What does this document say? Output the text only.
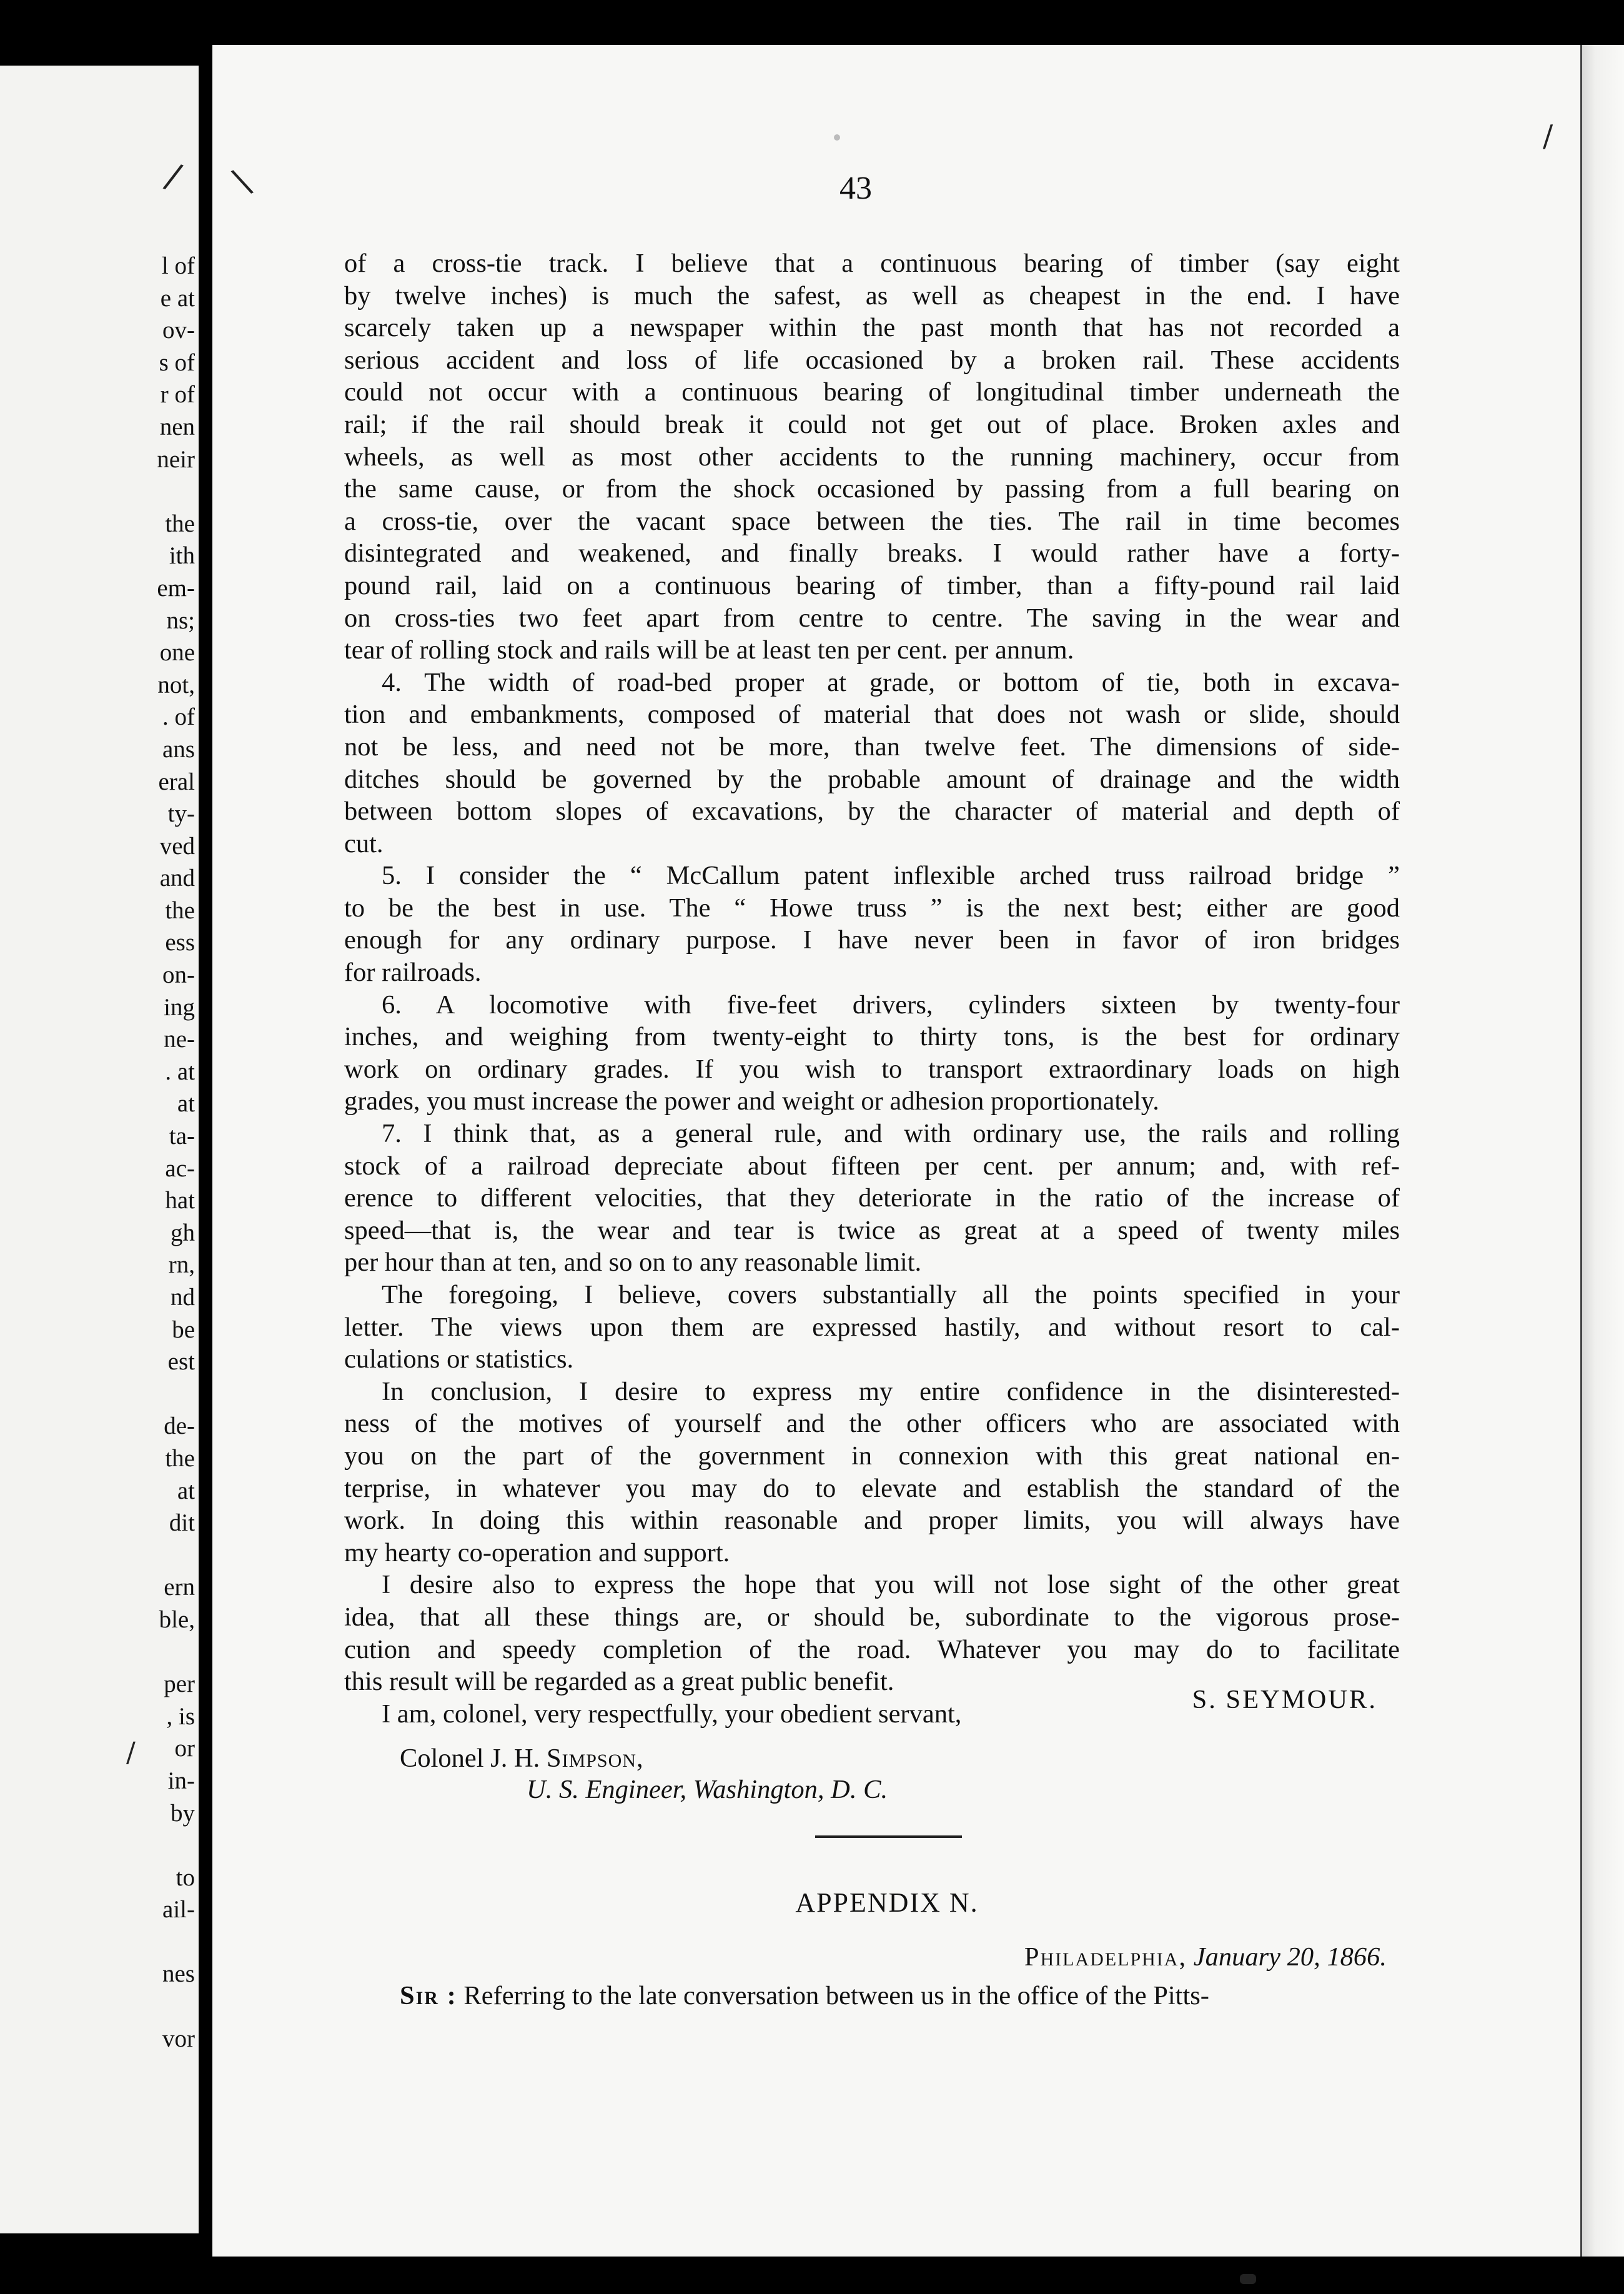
l of
e at
ov-
s of
r of
nen
neir
the
ith
em-
ns;
one
not,
. of
ans
eral
ty-
ved
and
the
ess
on-
ing
ne-
. at
at
ta-
ac-
hat
gh
rn,
nd
be
est
de-
the
at
dit
ern
ble,
per
, is
or
in-
by
to
ail-
nes
vor
/ \
/
/
43
of a cross-tie track. I believe that a continuous bearing of timber (say eight
by twelve inches) is much the safest, as well as cheapest in the end. I have
scarcely taken up a newspaper within the past month that has not recorded a
serious accident and loss of life occasioned by a broken rail. These accidents
could not occur with a continuous bearing of longitudinal timber underneath the
rail; if the rail should break it could not get out of place. Broken axles and
wheels, as well as most other accidents to the running machinery, occur from
the same cause, or from the shock occasioned by passing from a full bearing on
a cross-tie, over the vacant space between the ties. The rail in time becomes
disintegrated and weakened, and finally breaks. I would rather have a forty-
pound rail, laid on a continuous bearing of timber, than a fifty-pound rail laid
on cross-ties two feet apart from centre to centre. The saving in the wear and
tear of rolling stock and rails will be at least ten per cent. per annum.
4. The width of road-bed proper at grade, or bottom of tie, both in excava-
tion and embankments, composed of material that does not wash or slide, should
not be less, and need not be more, than twelve feet. The dimensions of side-
ditches should be governed by the probable amount of drainage and the width
between bottom slopes of excavations, by the character of material and depth of
cut.
5. I consider the “ McCallum patent inflexible arched truss railroad bridge ”
to be the best in use. The “ Howe truss ” is the next best; either are good
enough for any ordinary purpose. I have never been in favor of iron bridges
for railroads.
6. A locomotive with five-feet drivers, cylinders sixteen by twenty-four
inches, and weighing from twenty-eight to thirty tons, is the best for ordinary
work on ordinary grades. If you wish to transport extraordinary loads on high
grades, you must increase the power and weight or adhesion proportionately.
7. I think that, as a general rule, and with ordinary use, the rails and rolling
stock of a railroad depreciate about fifteen per cent. per annum; and, with ref-
erence to different velocities, that they deteriorate in the ratio of the increase of
speed—that is, the wear and tear is twice as great at a speed of twenty miles
per hour than at ten, and so on to any reasonable limit.
The foregoing, I believe, covers substantially all the points specified in your
letter. The views upon them are expressed hastily, and without resort to cal-
culations or statistics.
In conclusion, I desire to express my entire confidence in the disinterested-
ness of the motives of yourself and the other officers who are associated with
you on the part of the government in connexion with this great national en-
terprise, in whatever you may do to elevate and establish the standard of the
work. In doing this within reasonable and proper limits, you will always have
my hearty co-operation and support.
I desire also to express the hope that you will not lose sight of the other great
idea, that all these things are, or should be, subordinate to the vigorous prose-
cution and speedy completion of the road. Whatever you may do to facilitate
this result will be regarded as a great public benefit.
I am, colonel, very respectfully, your obedient servant,	S. SEYMOUR.
Colonel J. H. Simpson,
U. S. Engineer, Washington, D. C.
APPENDIX N.
Philadelphia, January 20, 1866.
Sir : Referring to the late conversation between us in the office of the Pitts-
